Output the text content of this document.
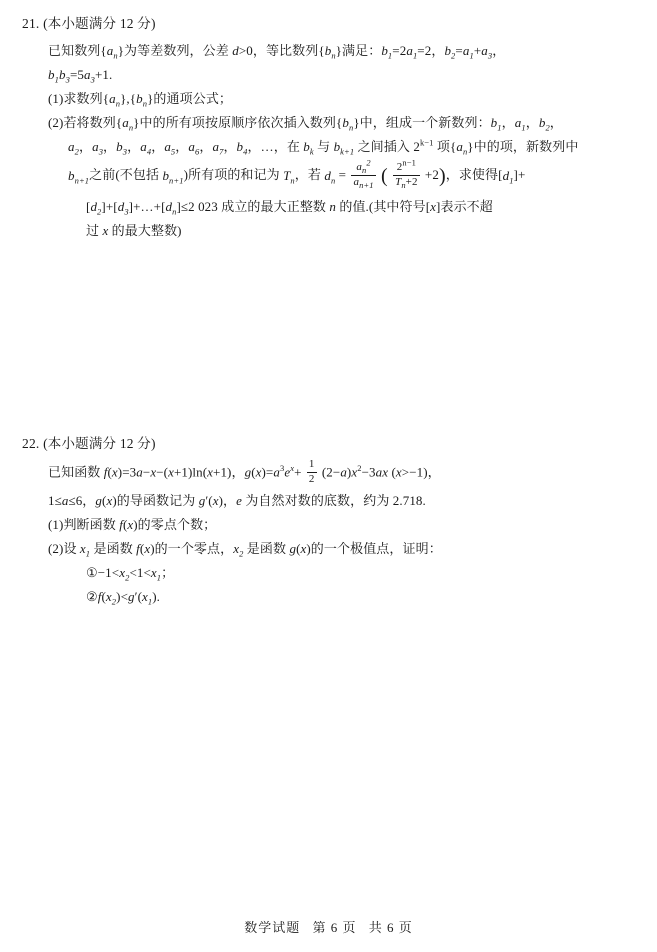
21. (本小题满分 12 分)
已知数列$\{a_n\}$为等差数列，公差 d>0，等比数列$\{b_n\}$满足：$b_1=2a_1=2$，$b_2=a_1+a_3$，
$b_1b_3=5a_3+1$.
(1)求数列$\{a_n\},\{b_n\}$的通项公式；
(2)若将数列$\{a_n\}$中的所有项按原顺序依次插入数列$\{b_n\}$中，组成一个新数列：$b_1$，$a_1$，$b_2$，
$a_2$，$a_3$，$b_3$，$a_4$，$a_5$，$a_6$，$a_7$，$b_4$，…，在 $b_k$ 与 $b_{k+1}$ 之间插入 $2^{k-1}$ 项$\{a_n\}$中的项，新数列中
$b_{n+1}$之前(不包括 $b_{n+1}$)所有项的和记为 $T_n$，若 $d_n = \frac{a_n^2}{a_{n+1}}$ ( $\frac{2^{n-1}}{T_n+2} +2$)，求使得$[d_1]+$
$[d_2]+[d_3]+\dots+[d_n]\le 2$ 023 成立的最大正整数 n 的值.(其中符号[x]表示不超
过 x 的最大整数)
22. (本小题满分 12 分)
已知函数 f(x)=3a−x−(x+1)ln(x+1)，$g(x)=a^3e^x+ \frac{1}{2} (2-a)x^2-3ax$ (x>−1)，
1≤a≤6，g(x)的导函数记为 g′(x)，e 为自然对数的底数，约为 2.718.
(1)判断函数 f(x)的零点个数；
(2)设 $x_1$ 是函数 f(x)的一个零点，$x_2$ 是函数 g(x)的一个极值点，证明：
$①-1<x_2<1<x_1$；
$②f(x_2)<g'(x_1)$.
数学试题 第 6 页 共 6 页
